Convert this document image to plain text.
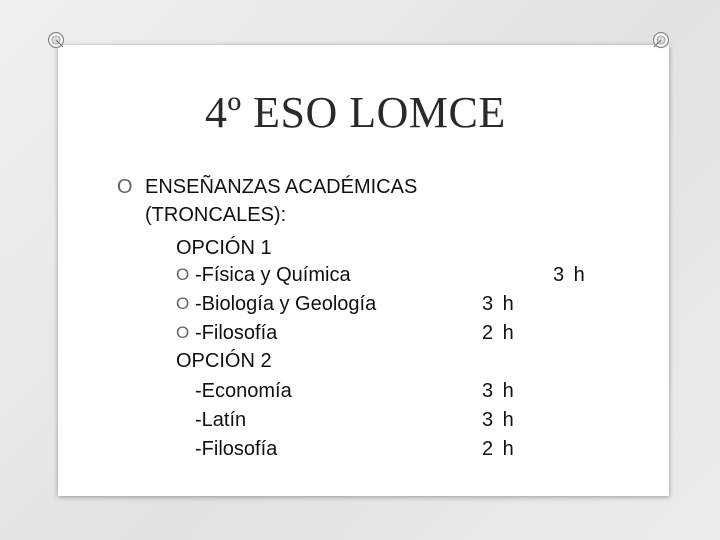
4º ESO LOMCE
O ENSEÑANZAS ACADÉMICAS
(TRONCALES):
OPCIÓN 1
O -Física y Química	3 h
O -Biología y Geología	3 h
O -Filosofía	2 h
OPCIÓN 2
-Economía	3 h
-Latín	3 h
-Filosofía	2 h
